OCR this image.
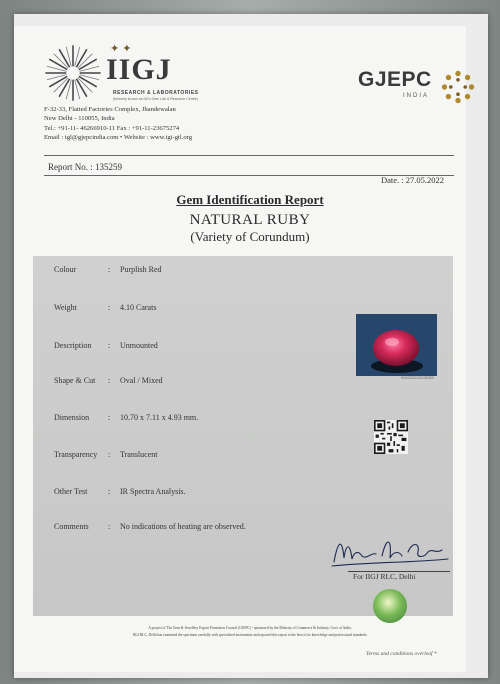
✦✦
IIGJ
RESEARCH & LABORATORIES
(formerly known as IGI's Gem Lab & Research Centre)
GJEPC
INDIA
F-32-33, Flatted Factories Complex, Jhandewalan
New Delhi - 110055, India
Tel.: +91-11- 46266910-11 Fax : +91-11-23675274
Email : tgl@gjepcindia.com • Website : www.igi-gtl.org
Report No. : 135259
Date. : 27.05.2022
Gem Identification Report
NATURAL RUBY
(Variety of Corundum)
Colour	: Purplish Red
Weight	: 4.10 Carats
Description : Unmounted
Shape & Cut : Oval / Mixed
Dimension : 10.70 x 7.11 x 4.93 mm.
Transparency : Translucent
Other Test	: IR Spectra Analysis.
Comments : No indications of heating are observed.
IIGJ/2022/13/135259
For IIGJ RLC, Delhi
A project of The Gem & Jewellery Export Promotion Council (GJEPC) - sponsored by the Ministry of Commerce & Industry, Govt. of India.
IIGJ RLC, Delhi has examined the specimen carefully with specialized instruments and reported this report to the best of its knowledge and professional standards.
Terms and conditions overleaf *
